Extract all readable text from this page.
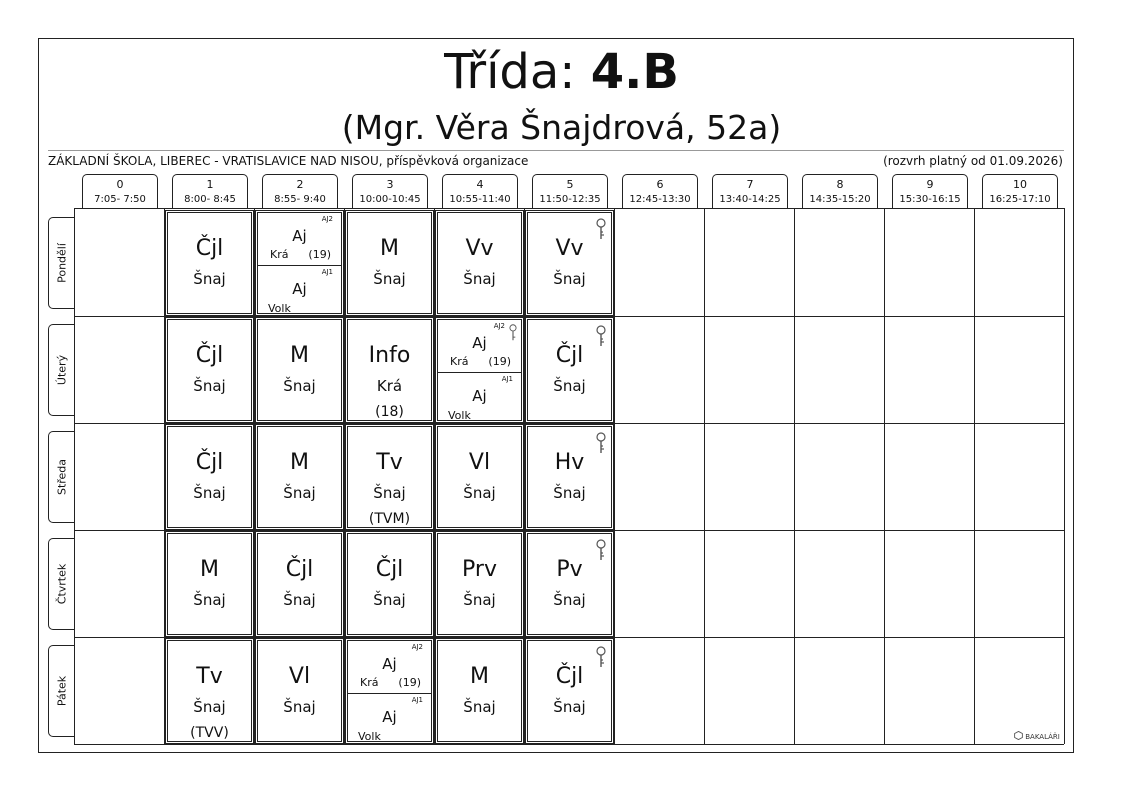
Třída: 4.B
(Mgr. Věra Šnajdrová, 52a)
ZÁKLADNÍ ŠKOLA, LIBEREC - VRATISLAVICE NAD NISOU, příspěvková organizace	(rozvrh platný od 01.09.2026)
0
7:05- 7:50
1
8:00- 8:45
2
8:55- 9:40
3
10:00-10:45
4
10:55-11:40
5
11:50-12:35
6
12:45-13:30
7
13:40-14:25
8
14:35-15:20
9
15:30-16:15
10
16:25-17:10
Pondělí
Úterý
Středa
Čtvrtek
Pátek
Čjl
Šnaj
AJ2
Aj
Krá (19)
AJ1
Aj
Volk
M
Šnaj
Vv
Šnaj
Vv
Šnaj
Čjl
Šnaj
M
Šnaj
Info
Krá
(18)
AJ2
Aj
Krá (19)
AJ1
Aj
Volk
Čjl
Šnaj
Čjl
Šnaj
M
Šnaj
Tv
Šnaj
(TVM)
Vl
Šnaj
Hv
Šnaj
M
Šnaj
Čjl
Šnaj
Čjl
Šnaj
Prv
Šnaj
Pv
Šnaj
Tv
Šnaj
(TVV)
Vl
Šnaj
AJ2
Aj
Krá (19)
AJ1
Aj
Volk
M
Šnaj
Čjl
Šnaj
BAKALÁŘI
